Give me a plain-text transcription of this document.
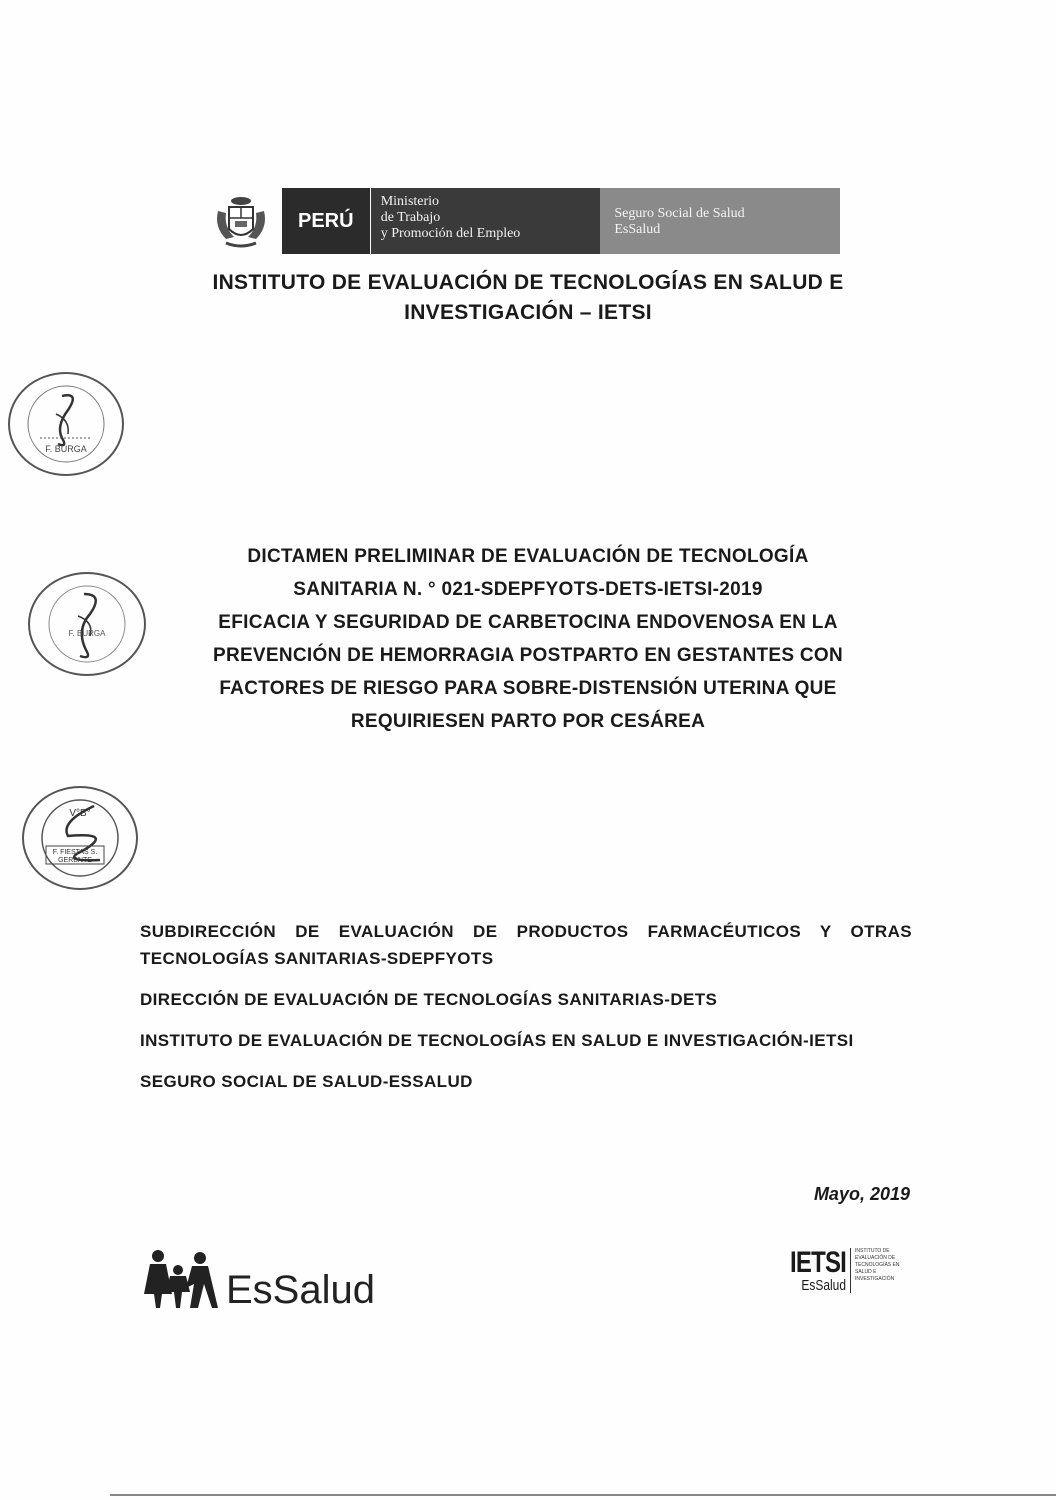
PERÚ
Ministerio
de Trabajo
y Promoción del Empleo
Seguro Social de Salud
EsSalud
INSTITUTO DE EVALUACIÓN DE TECNOLOGÍAS EN SALUD E
INVESTIGACIÓN – IETSI
F. BURGA
F. BURGA
V°B°
F. FIESTAS S.
GERENTE
DICTAMEN PRELIMINAR DE EVALUACIÓN DE TECNOLOGÍA
SANITARIA N. ° 021-SDEPFYOTS-DETS-IETSI-2019
EFICACIA Y SEGURIDAD DE CARBETOCINA ENDOVENOSA EN LA
PREVENCIÓN DE HEMORRAGIA POSTPARTO EN GESTANTES CON
FACTORES DE RIESGO PARA SOBRE-DISTENSIÓN UTERINA QUE
REQUIRIESEN PARTO POR CESÁREA
SUBDIRECCIÓN DE EVALUACIÓN DE PRODUCTOS FARMACÉUTICOS Y OTRAS TECNOLOGÍAS SANITARIAS-SDEPFYOTS
DIRECCIÓN DE EVALUACIÓN DE TECNOLOGÍAS SANITARIAS-DETS
INSTITUTO DE EVALUACIÓN DE TECNOLOGÍAS EN SALUD E INVESTIGACIÓN-IETSI
SEGURO SOCIAL DE SALUD-ESSALUD
Mayo, 2019
EsSalud
IETSI
EsSalud
INSTITUTO DE
EVALUACIÓN DE
TECNOLOGÍAS EN
SALUD E
INVESTIGACIÓN
